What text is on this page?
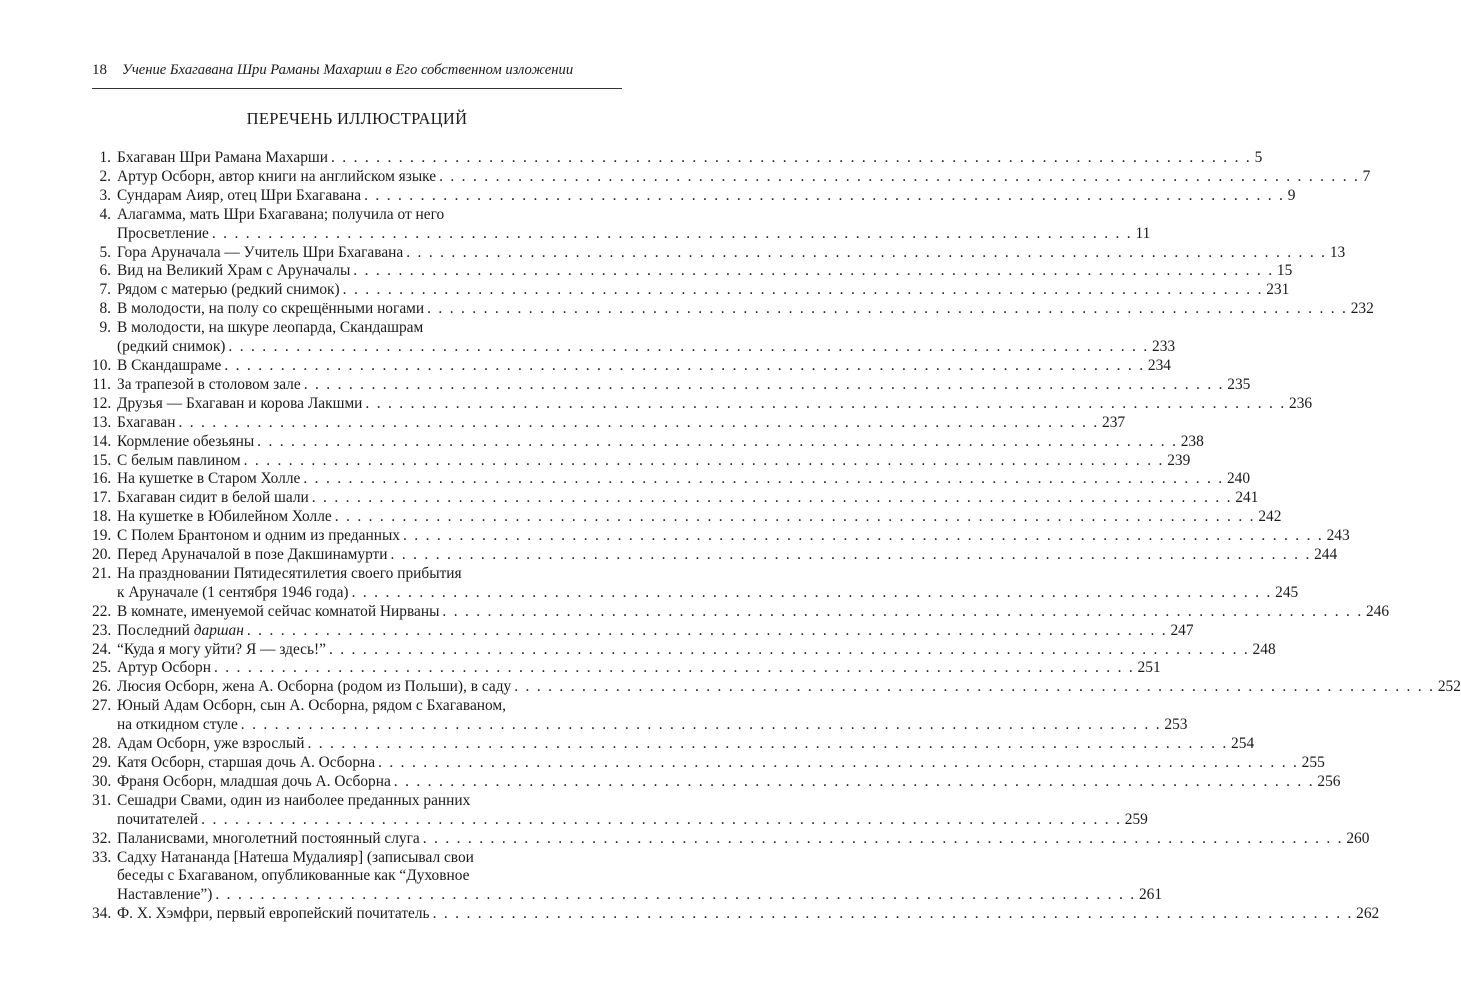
18 Учение Бхагавана Шри Раманы Махарши в Его собственном изложении
ПЕРЕЧЕНЬ ИЛЛЮСТРАЦИЙ
1. Бхагаван Шри Рамана Махарши . . . . . . . . . . . . . . . . . . . . . . . . . . . . . . . . . . . . . . . . . . . . . . . . . . . . . . . . . . . . . . . . . . . . . . . . . . . . . . . . . . 5
2. Артур Осборн, автор книги на английском языке . . . . . . . . . . . . . . . . . . . . . . . . . . . . . . . . . . . . . . . . . . . . . . . . . . . . . . . . . . . . . . . . . . . . . . . . . . . . . . . . . . 7
3. Сундарам Аияр, отец Шри Бхагавана . . . . . . . . . . . . . . . . . . . . . . . . . . . . . . . . . . . . . . . . . . . . . . . . . . . . . . . . . . . . . . . . . . . . . . . . . . . . . . . . . . 9
4. Алагамма, мать Шри Бхагавана; получила от него
Просветление . . . . . . . . . . . . . . . . . . . . . . . . . . . . . . . . . . . . . . . . . . . . . . . . . . . . . . . . . . . . . . . . . . . . . . . . . . . . . . . . . . 11
5. Гора Аруначала — Учитель Шри Бхагавана . . . . . . . . . . . . . . . . . . . . . . . . . . . . . . . . . . . . . . . . . . . . . . . . . . . . . . . . . . . . . . . . . . . . . . . . . . . . . . . . . . 13
6. Вид на Великий Храм с Аруначалы . . . . . . . . . . . . . . . . . . . . . . . . . . . . . . . . . . . . . . . . . . . . . . . . . . . . . . . . . . . . . . . . . . . . . . . . . . . . . . . . . . 15
7. Рядом с матерью (редкий снимок) . . . . . . . . . . . . . . . . . . . . . . . . . . . . . . . . . . . . . . . . . . . . . . . . . . . . . . . . . . . . . . . . . . . . . . . . . . . . . . . . . . 231
8. В молодости, на полу со скрещёнными ногами . . . . . . . . . . . . . . . . . . . . . . . . . . . . . . . . . . . . . . . . . . . . . . . . . . . . . . . . . . . . . . . . . . . . . . . . . . . . . . . . . . 232
9. В молодости, на шкуре леопарда, Скандашрам
(редкий снимок) . . . . . . . . . . . . . . . . . . . . . . . . . . . . . . . . . . . . . . . . . . . . . . . . . . . . . . . . . . . . . . . . . . . . . . . . . . . . . . . . . . 233
10. В Скандашраме . . . . . . . . . . . . . . . . . . . . . . . . . . . . . . . . . . . . . . . . . . . . . . . . . . . . . . . . . . . . . . . . . . . . . . . . . . . . . . . . . . 234
11. За трапезой в столовом зале . . . . . . . . . . . . . . . . . . . . . . . . . . . . . . . . . . . . . . . . . . . . . . . . . . . . . . . . . . . . . . . . . . . . . . . . . . . . . . . . . . 235
12. Друзья — Бхагаван и корова Лакшми . . . . . . . . . . . . . . . . . . . . . . . . . . . . . . . . . . . . . . . . . . . . . . . . . . . . . . . . . . . . . . . . . . . . . . . . . . . . . . . . . . 236
13. Бхагаван . . . . . . . . . . . . . . . . . . . . . . . . . . . . . . . . . . . . . . . . . . . . . . . . . . . . . . . . . . . . . . . . . . . . . . . . . . . . . . . . . . 237
14. Кормление обезьяны . . . . . . . . . . . . . . . . . . . . . . . . . . . . . . . . . . . . . . . . . . . . . . . . . . . . . . . . . . . . . . . . . . . . . . . . . . . . . . . . . . 238
15. С белым павлином . . . . . . . . . . . . . . . . . . . . . . . . . . . . . . . . . . . . . . . . . . . . . . . . . . . . . . . . . . . . . . . . . . . . . . . . . . . . . . . . . . 239
16. На кушетке в Старом Холле . . . . . . . . . . . . . . . . . . . . . . . . . . . . . . . . . . . . . . . . . . . . . . . . . . . . . . . . . . . . . . . . . . . . . . . . . . . . . . . . . . 240
17. Бхагаван сидит в белой шали . . . . . . . . . . . . . . . . . . . . . . . . . . . . . . . . . . . . . . . . . . . . . . . . . . . . . . . . . . . . . . . . . . . . . . . . . . . . . . . . . . 241
18. На кушетке в Юбилейном Холле . . . . . . . . . . . . . . . . . . . . . . . . . . . . . . . . . . . . . . . . . . . . . . . . . . . . . . . . . . . . . . . . . . . . . . . . . . . . . . . . . . 242
19. С Полем Брантоном и одним из преданных . . . . . . . . . . . . . . . . . . . . . . . . . . . . . . . . . . . . . . . . . . . . . . . . . . . . . . . . . . . . . . . . . . . . . . . . . . . . . . . . . . 243
20. Перед Аруначалой в позе Дакшинамурти . . . . . . . . . . . . . . . . . . . . . . . . . . . . . . . . . . . . . . . . . . . . . . . . . . . . . . . . . . . . . . . . . . . . . . . . . . . . . . . . . . 244
21. На праздновании Пятидесятилетия своего прибытия
к Аруначале (1 сентября 1946 года) . . . . . . . . . . . . . . . . . . . . . . . . . . . . . . . . . . . . . . . . . . . . . . . . . . . . . . . . . . . . . . . . . . . . . . . . . . . . . . . . . . 245
22. В комнате, именуемой сейчас комнатой Нирваны . . . . . . . . . . . . . . . . . . . . . . . . . . . . . . . . . . . . . . . . . . . . . . . . . . . . . . . . . . . . . . . . . . . . . . . . . . . . . . . . . . 246
23. Последний даршан . . . . . . . . . . . . . . . . . . . . . . . . . . . . . . . . . . . . . . . . . . . . . . . . . . . . . . . . . . . . . . . . . . . . . . . . . . . . . . . . . . 247
24. “Куда я могу уйти? Я — здесь!” . . . . . . . . . . . . . . . . . . . . . . . . . . . . . . . . . . . . . . . . . . . . . . . . . . . . . . . . . . . . . . . . . . . . . . . . . . . . . . . . . . 248
25. Артур Осборн . . . . . . . . . . . . . . . . . . . . . . . . . . . . . . . . . . . . . . . . . . . . . . . . . . . . . . . . . . . . . . . . . . . . . . . . . . . . . . . . . . 251
26. Люсия Осборн, жена А. Осборна (родом из Польши), в саду . . . . . . . . . . . . . . . . . . . . . . . . . . . . . . . . . . . . . . . . . . . . . . . . . . . . . . . . . . . . . . . . . . . . . . . . . . . . . . . . . . 252
27. Юный Адам Осборн, сын А. Осборна, рядом с Бхагаваном,
на откидном стуле . . . . . . . . . . . . . . . . . . . . . . . . . . . . . . . . . . . . . . . . . . . . . . . . . . . . . . . . . . . . . . . . . . . . . . . . . . . . . . . . . . 253
28. Адам Осборн, уже взрослый . . . . . . . . . . . . . . . . . . . . . . . . . . . . . . . . . . . . . . . . . . . . . . . . . . . . . . . . . . . . . . . . . . . . . . . . . . . . . . . . . . 254
29. Катя Осборн, старшая дочь А. Осборна . . . . . . . . . . . . . . . . . . . . . . . . . . . . . . . . . . . . . . . . . . . . . . . . . . . . . . . . . . . . . . . . . . . . . . . . . . . . . . . . . . 255
30. Франя Осборн, младшая дочь А. Осборна . . . . . . . . . . . . . . . . . . . . . . . . . . . . . . . . . . . . . . . . . . . . . . . . . . . . . . . . . . . . . . . . . . . . . . . . . . . . . . . . . . 256
31. Сешадри Свами, один из наиболее преданных ранних
почитателей . . . . . . . . . . . . . . . . . . . . . . . . . . . . . . . . . . . . . . . . . . . . . . . . . . . . . . . . . . . . . . . . . . . . . . . . . . . . . . . . . . 259
32. Паланисвами, многолетний постоянный слуга . . . . . . . . . . . . . . . . . . . . . . . . . . . . . . . . . . . . . . . . . . . . . . . . . . . . . . . . . . . . . . . . . . . . . . . . . . . . . . . . . . 260
33. Садху Натананда [Натеша Мудалияр] (записывал свои
беседы с Бхагаваном, опубликованные как “Духовное
Наставление”) . . . . . . . . . . . . . . . . . . . . . . . . . . . . . . . . . . . . . . . . . . . . . . . . . . . . . . . . . . . . . . . . . . . . . . . . . . . . . . . . . . 261
34. Ф. Х. Хэмфри, первый европейский почитатель . . . . . . . . . . . . . . . . . . . . . . . . . . . . . . . . . . . . . . . . . . . . . . . . . . . . . . . . . . . . . . . . . . . . . . . . . . . . . . . . . . 262
